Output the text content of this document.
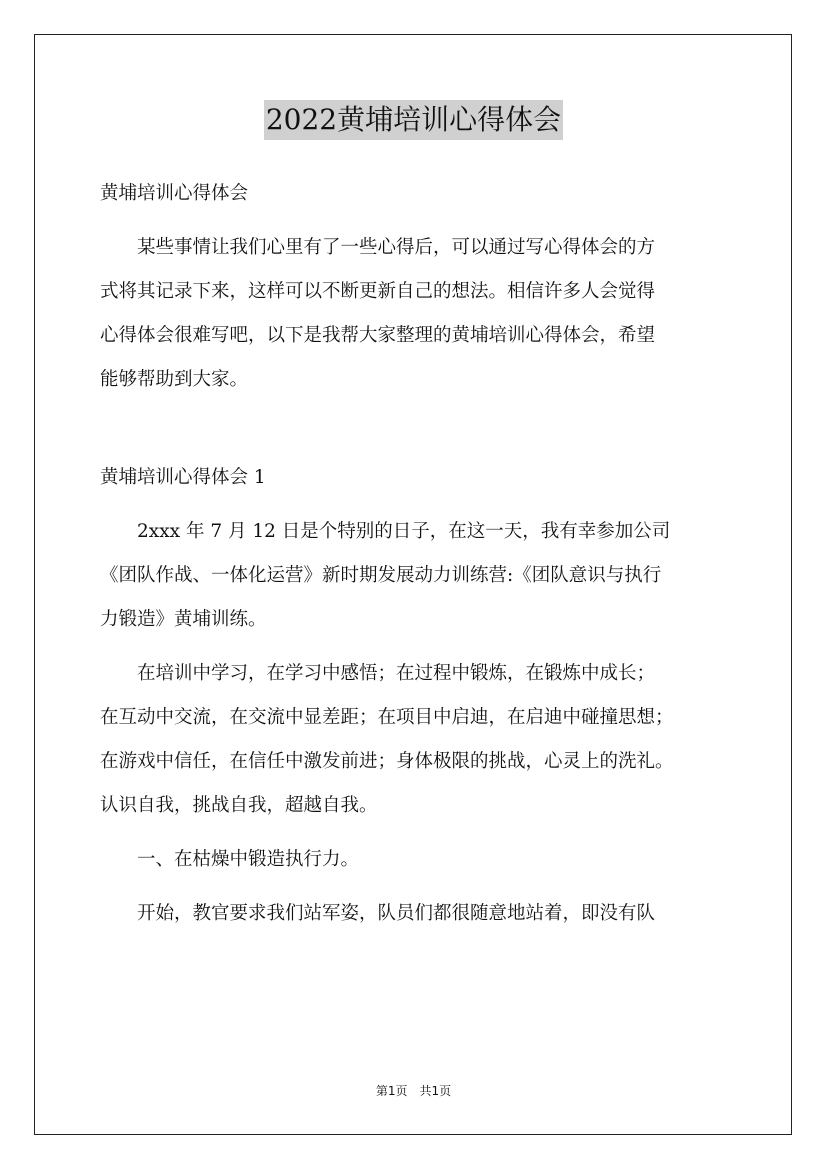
2022黄埔培训心得体会
黄埔培训心得体会
　　某些事情让我们心里有了一些心得后，可以通过写心得体会的方
式将其记录下来，这样可以不断更新自己的想法。相信许多人会觉得
心得体会很难写吧，以下是我帮大家整理的黄埔培训心得体会，希望
能够帮助到大家。
黄埔培训心得体会 1
　　2xxx 年 7 月 12 日是个特别的日子，在这一天，我有幸参加公司
《团队作战、一体化运营》新时期发展动力训练营:《团队意识与执行
力锻造》黄埔训练。
　　在培训中学习，在学习中感悟；在过程中锻炼，在锻炼中成长；
在互动中交流，在交流中显差距；在项目中启迪，在启迪中碰撞思想；
在游戏中信任，在信任中激发前进；身体极限的挑战，心灵上的洗礼。
认识自我，挑战自我，超越自我。
　　一、在枯燥中锻造执行力。
　　开始，教官要求我们站军姿，队员们都很随意地站着，即没有队
第1页　共1页
